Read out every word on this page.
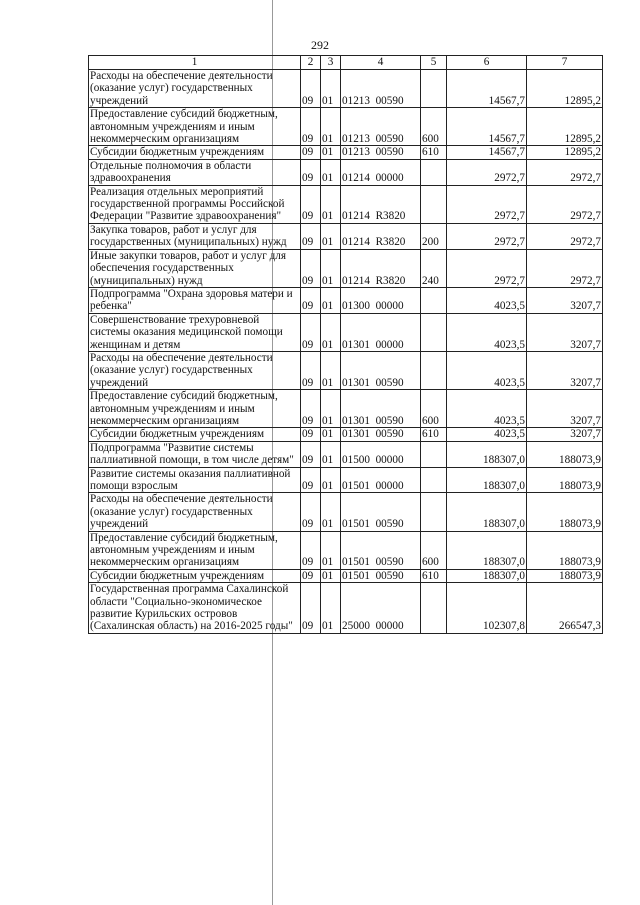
292
1	2	3	4	5	6	7
Расходы на обеспечение деятельности (оказание услуг) государственных учреждений	09	01	01213  00590		14567,7	12895,2
Предоставление субсидий бюджетным, автономным учреждениям и иным некоммерческим организациям	09	01	01213  00590	600	14567,7	12895,2
Субсидии бюджетным учреждениям	09	01	01213  00590	610	14567,7	12895,2
Отдельные полномочия в области здравоохранения	09	01	01214  00000		2972,7	2972,7
Реализация отдельных мероприятий государственной программы Российской Федерации "Развитие здравоохранения"	09	01	01214  R3820		2972,7	2972,7
Закупка товаров, работ и услуг для государственных (муниципальных) нужд	09	01	01214  R3820	200	2972,7	2972,7
Иные закупки товаров, работ и услуг для обеспечения государственных (муниципальных) нужд	09	01	01214  R3820	240	2972,7	2972,7
Подпрограмма "Охрана здоровья матери и ребенка"	09	01	01300  00000		4023,5	3207,7
Совершенствование трехуровневой системы оказания медицинской помощи женщинам и детям	09	01	01301  00000		4023,5	3207,7
Расходы на обеспечение деятельности (оказание услуг) государственных учреждений	09	01	01301  00590		4023,5	3207,7
Предоставление субсидий бюджетным, автономным учреждениям и иным некоммерческим организациям	09	01	01301  00590	600	4023,5	3207,7
Субсидии бюджетным учреждениям	09	01	01301  00590	610	4023,5	3207,7
Подпрограмма "Развитие системы паллиативной помощи, в том числе детям"	09	01	01500  00000		188307,0	188073,9
Развитие системы оказания паллиативной помощи взрослым	09	01	01501  00000		188307,0	188073,9
Расходы на обеспечение деятельности (оказание услуг) государственных учреждений	09	01	01501  00590		188307,0	188073,9
Предоставление субсидий бюджетным, автономным учреждениям и иным некоммерческим организациям	09	01	01501  00590	600	188307,0	188073,9
Субсидии бюджетным учреждениям	09	01	01501  00590	610	188307,0	188073,9
Государственная программа Сахалинской области "Социально-экономическое развитие Курильских островов (Сахалинская область) на 2016-2025 годы"	09	01	25000  00000		102307,8	266547,3
